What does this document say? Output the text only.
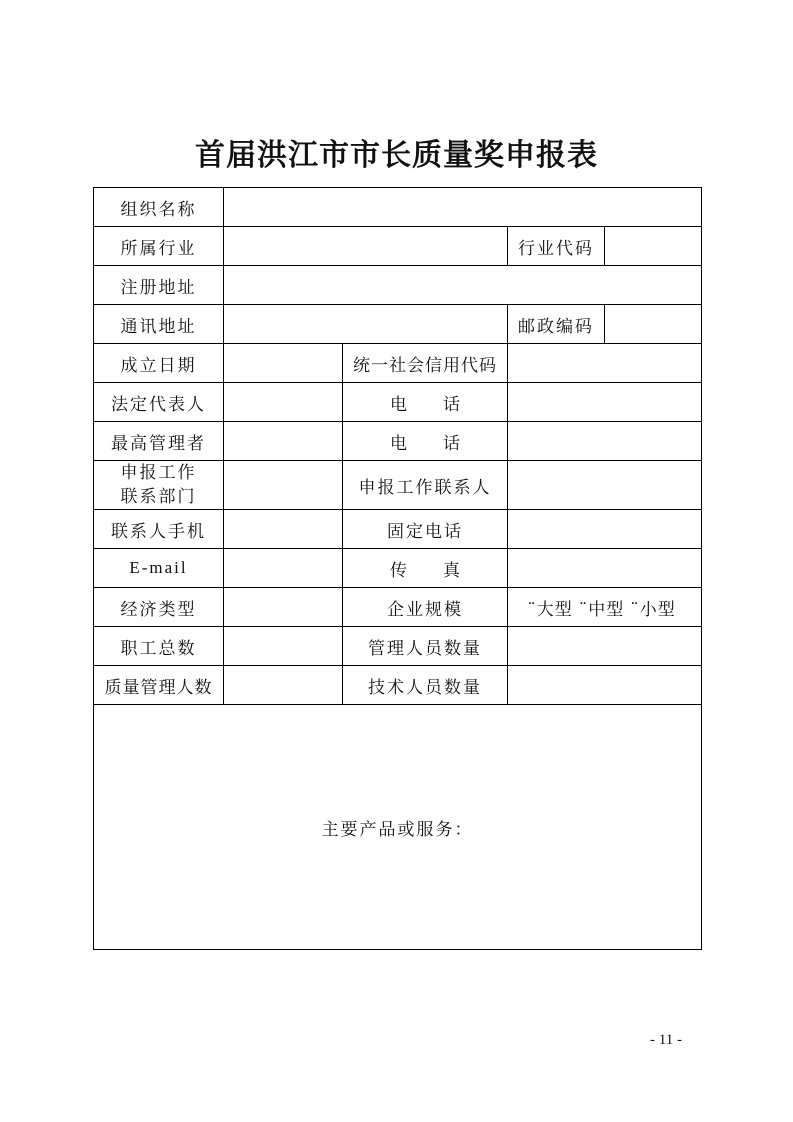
首届洪江市市长质量奖申报表
组织名称				
所属行业			行业代码	
注册地址				
通讯地址			邮政编码	
成立日期		统一社会信用代码		
法定代表人		电 话		
最高管理者		电 话		

申报工作
联系部门		申报工作联系人		
联系人手机		固定电话		
E-mail		传 真		
经济类型		企业规模	¨大型 ¨中型 ¨小型	
职工总数		管理人员数量		
质量管理人数		技术人员数量		
主要产品或服务：				
- 11 -
